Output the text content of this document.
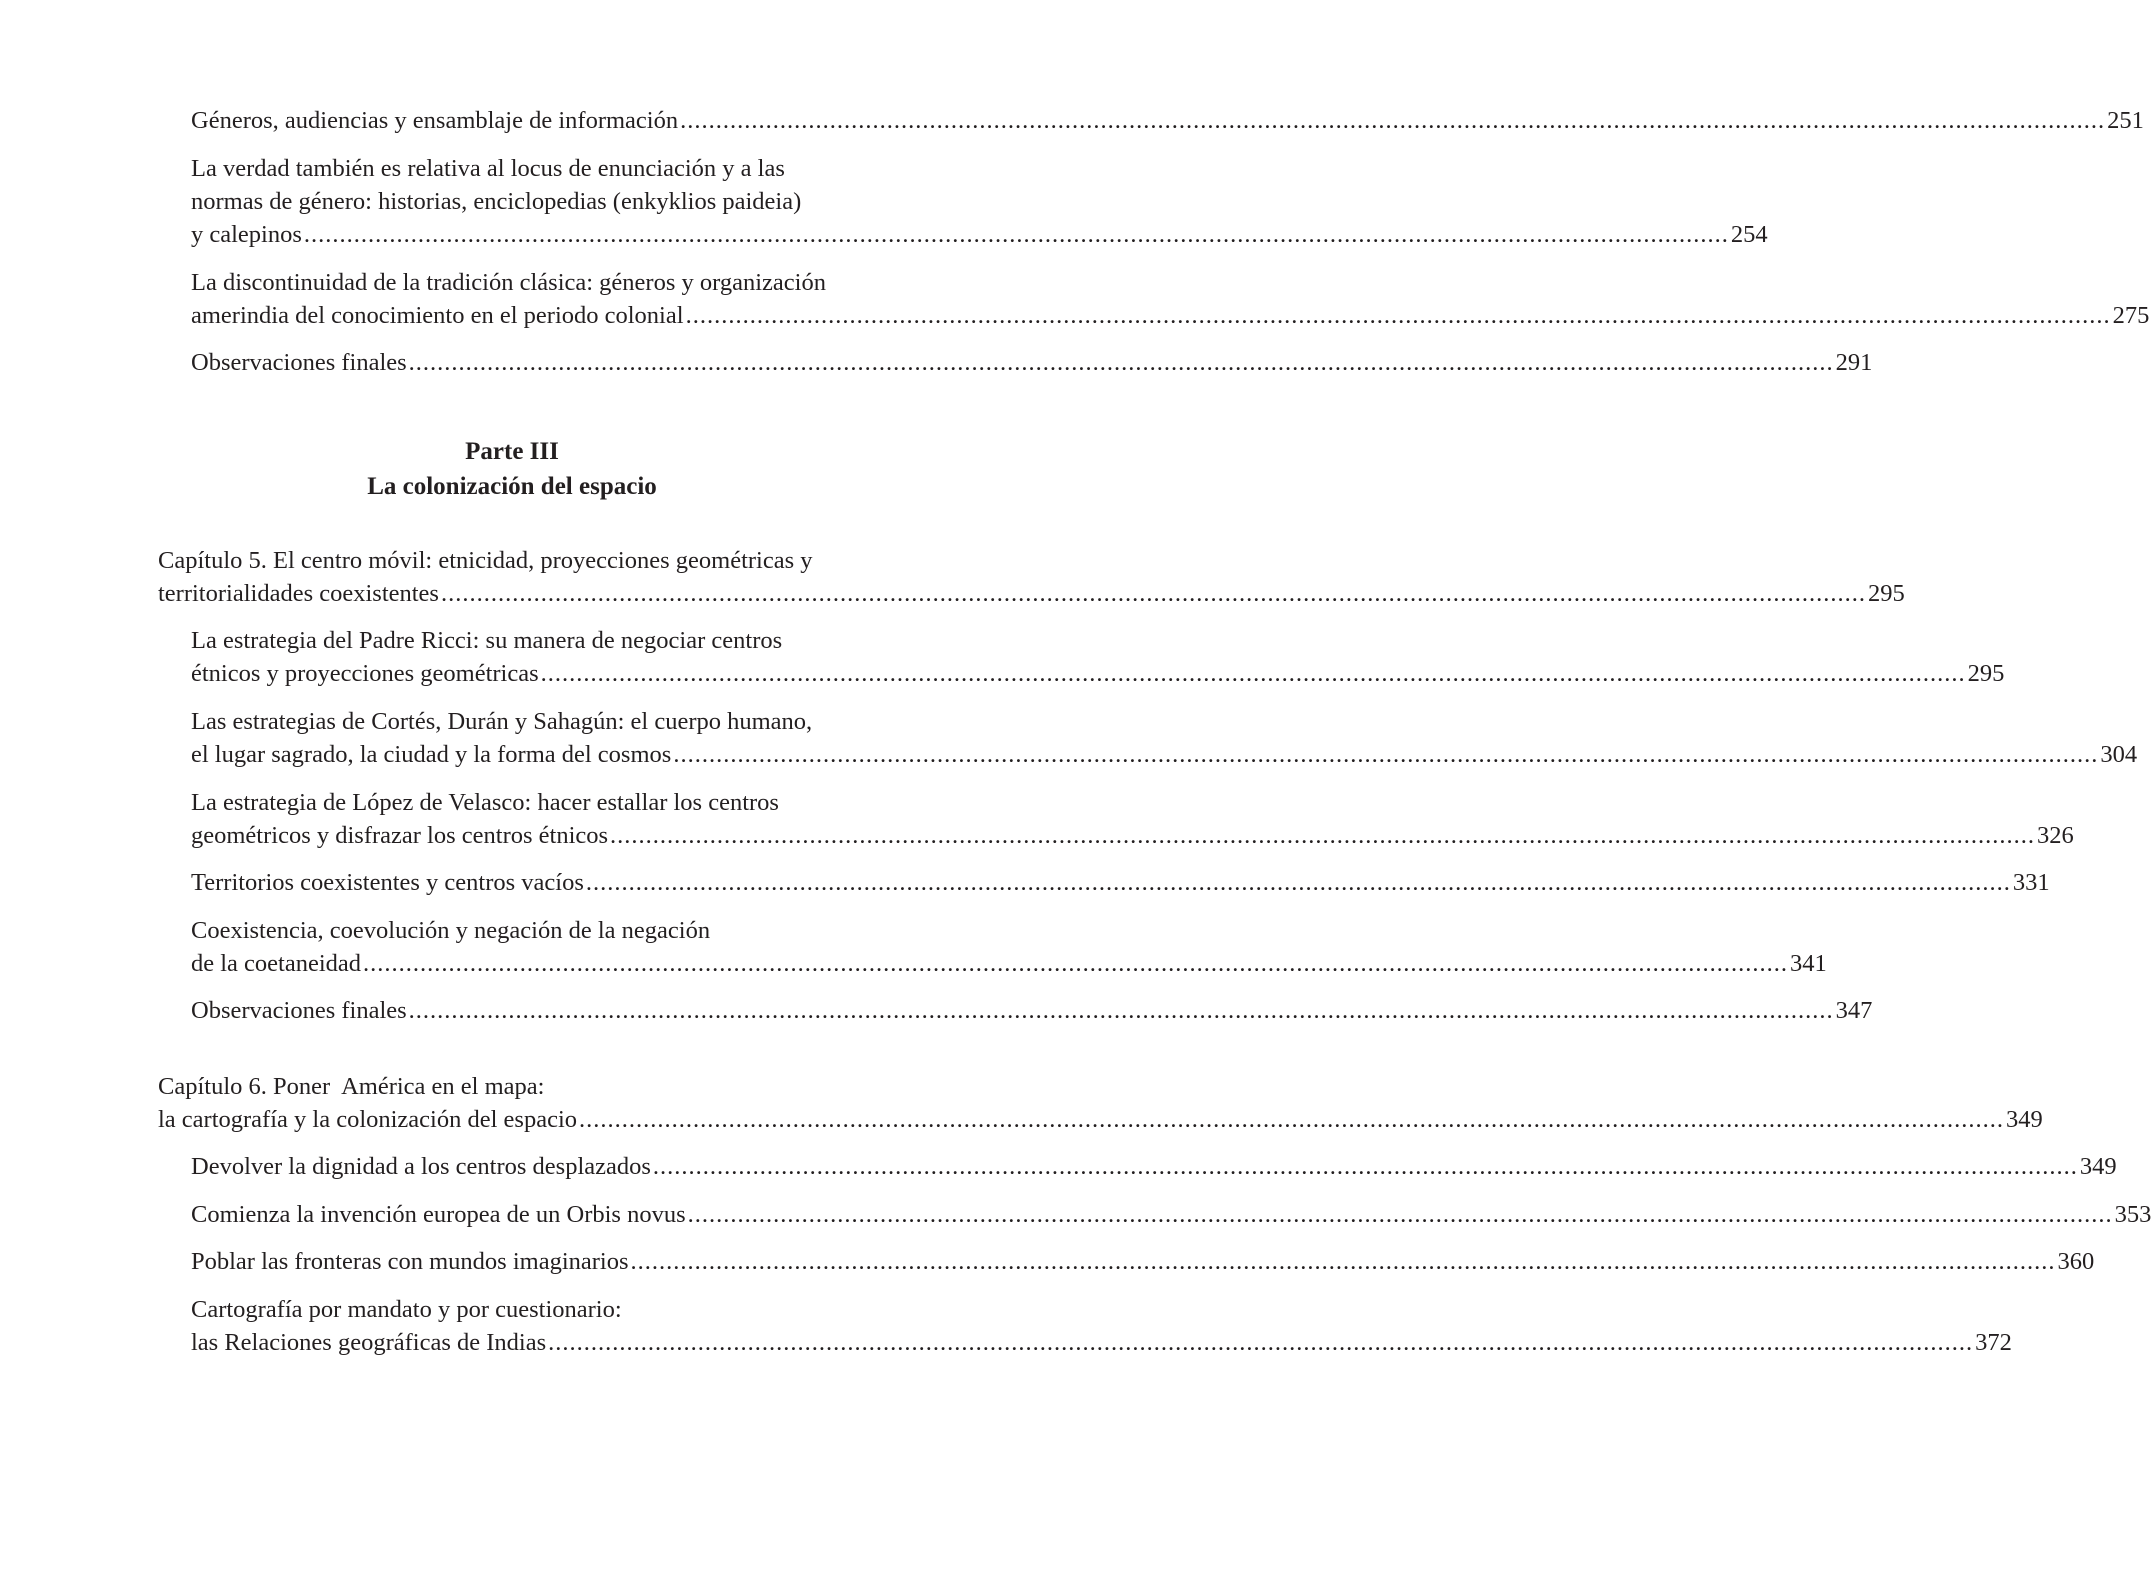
Géneros, audiencias y ensamblaje de información ........................................................................................................................................................................................................ 251
La verdad también es relativa al locus de enunciación y a las
normas de género: historias, enciclopedias (enkyklios paideia)
y calepinos ........................................................................................................................................................................................................ 254
La discontinuidad de la tradición clásica: géneros y organización
amerindia del conocimiento en el periodo colonial ........................................................................................................................................................................................................ 275
Observaciones finales ........................................................................................................................................................................................................ 291
Parte III
La colonización del espacio
Capítulo 5. El centro móvil: etnicidad, proyecciones geométricas y
territorialidades coexistentes ........................................................................................................................................................................................................ 295
La estrategia del Padre Ricci: su manera de negociar centros
étnicos y proyecciones geométricas ........................................................................................................................................................................................................ 295
Las estrategias de Cortés, Durán y Sahagún: el cuerpo humano,
el lugar sagrado, la ciudad y la forma del cosmos ........................................................................................................................................................................................................ 304
La estrategia de López de Velasco: hacer estallar los centros
geométricos y disfrazar los centros étnicos ........................................................................................................................................................................................................ 326
Territorios coexistentes y centros vacíos ........................................................................................................................................................................................................ 331
Coexistencia, coevolución y negación de la negación
de la coetaneidad ........................................................................................................................................................................................................ 341
Observaciones finales ........................................................................................................................................................................................................ 347
Capítulo 6. Poner  América en el mapa:
la cartografía y la colonización del espacio ........................................................................................................................................................................................................ 349
Devolver la dignidad a los centros desplazados ........................................................................................................................................................................................................ 349
Comienza la invención europea de un Orbis novus ........................................................................................................................................................................................................ 353
Poblar las fronteras con mundos imaginarios ........................................................................................................................................................................................................ 360
Cartografía por mandato y por cuestionario:
las Relaciones geográficas de Indias ........................................................................................................................................................................................................ 372
